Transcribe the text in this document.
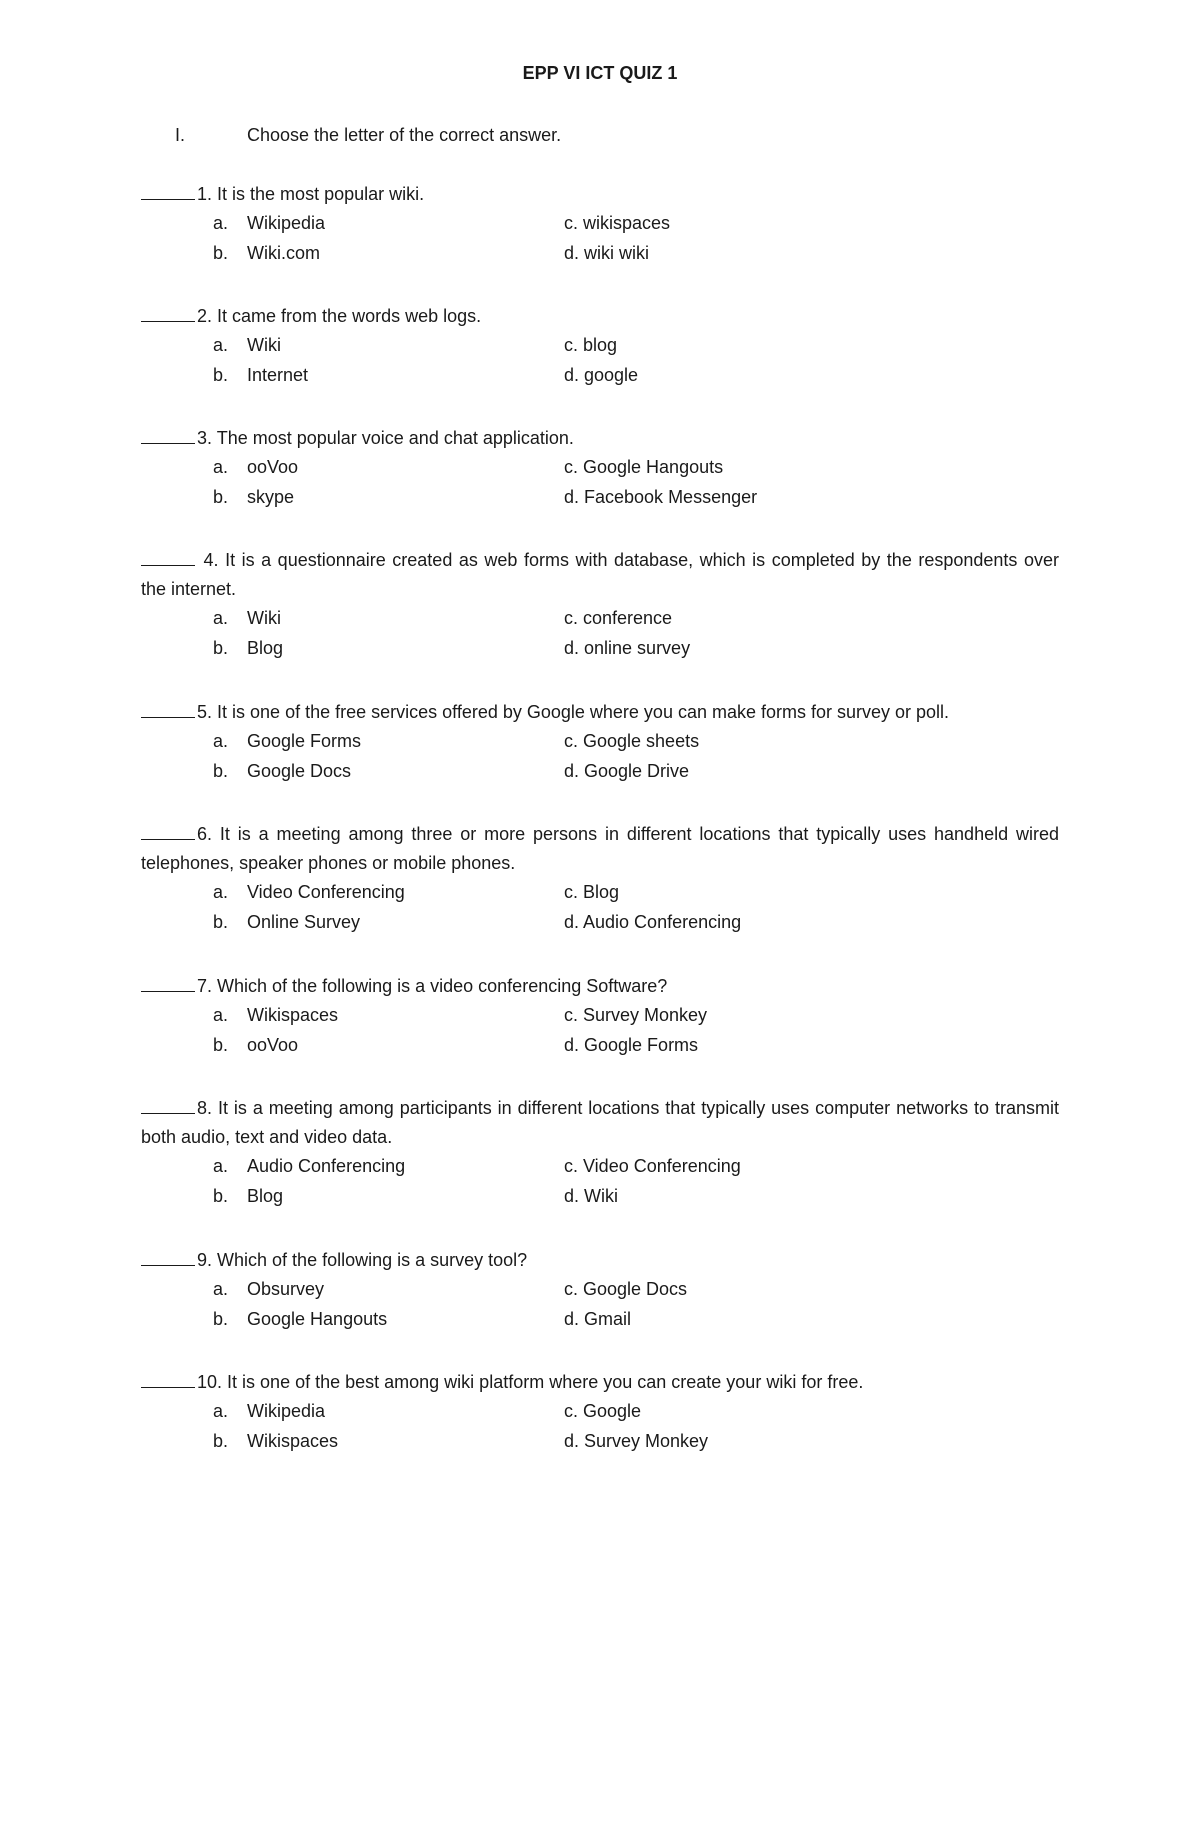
EPP VI ICT QUIZ 1
I.	Choose the letter of the correct answer.
1. It is the most popular wiki.
a. Wikipedia
b. Wiki.com
c. wikispaces
d. wiki wiki
2. It came from the words web logs.
a. Wiki
b. Internet
c. blog
d. google
3. The most popular voice and chat application.
a. ooVoo
b. skype
c. Google Hangouts
d. Facebook Messenger
4. It is a questionnaire created as web forms with database, which is completed by the respondents over the internet.
a. Wiki
b. Blog
c. conference
d. online survey
5. It is one of the free services offered by Google where you can make forms for survey or poll.
a. Google Forms
b. Google Docs
c. Google sheets
d. Google Drive
6. It is a meeting among three or more persons in different locations that typically uses handheld wired telephones, speaker phones or mobile phones.
a. Video Conferencing
b. Online Survey
c. Blog
d. Audio Conferencing
7. Which of the following is a video conferencing Software?
a. Wikispaces
b. ooVoo
c. Survey Monkey
d. Google Forms
8. It is a meeting among participants in different locations that typically uses computer networks to transmit both audio, text and video data.
a. Audio Conferencing
b. Blog
c. Video Conferencing
d. Wiki
9. Which of the following is a survey tool?
a. Obsurvey
b. Google Hangouts
c. Google Docs
d. Gmail
10. It is one of the best among wiki platform where you can create your wiki for free.
a. Wikipedia
b. Wikispaces
c. Google
d. Survey Monkey
